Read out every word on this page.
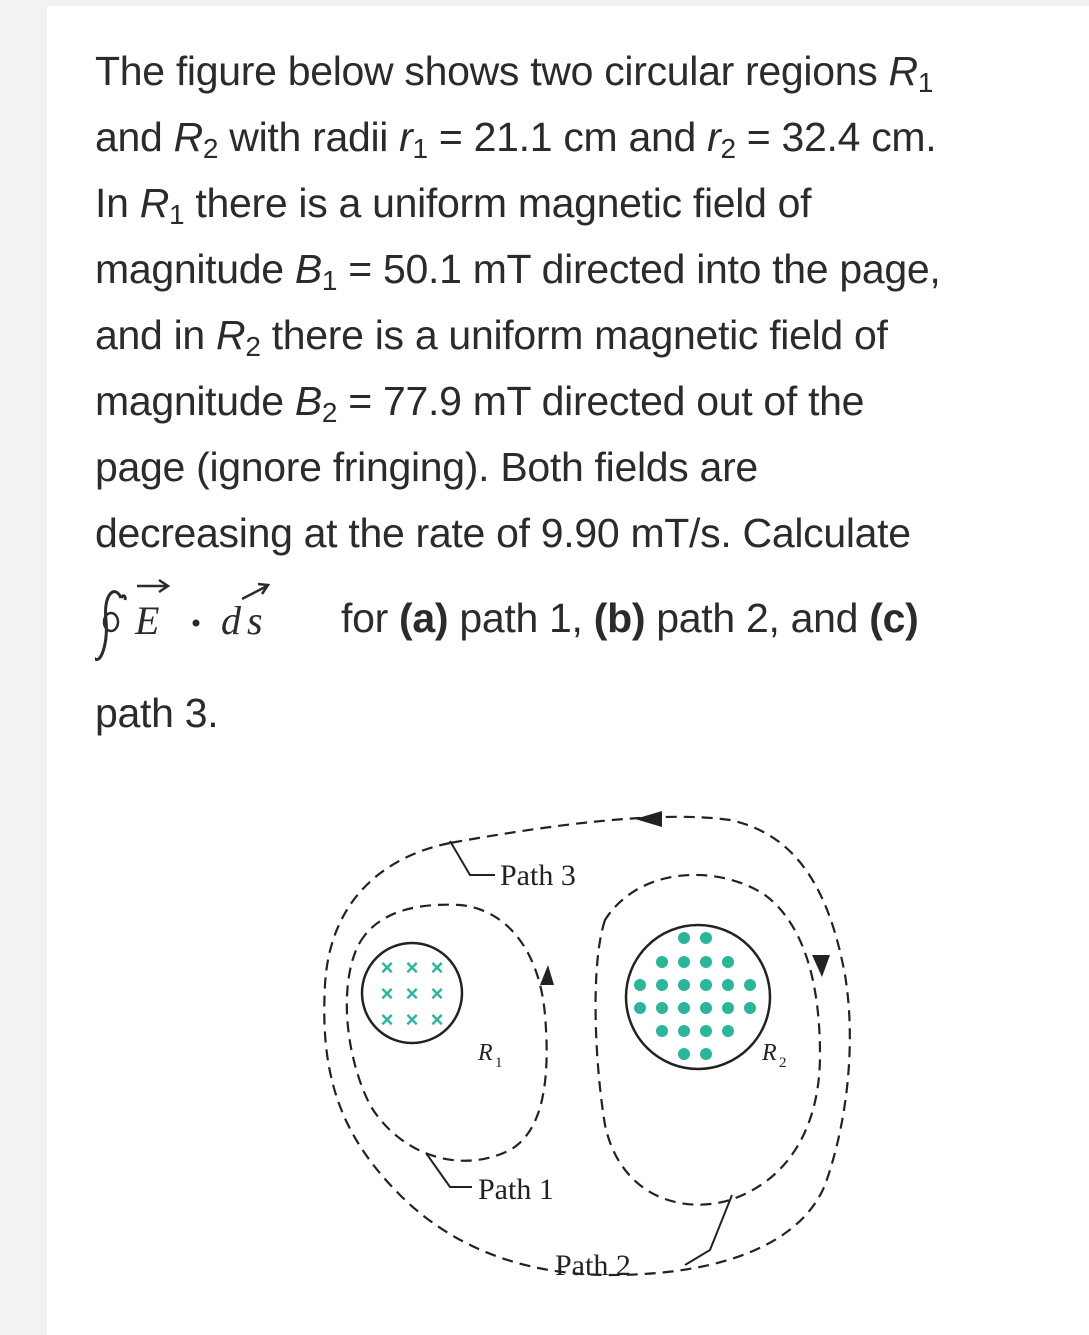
The figure below shows two circular regions $R_1$

and $R_2$ with radii $r_1 = 21.1$ cm and $r_2 = 32.4$ cm.

In $R_1$ there is a uniform magnetic field of

magnitude $B_1 = 50.1$ mT directed into the page,

and in $R_2$ there is a uniform magnetic field of

magnitude $B_2 = 77.9$ mT directed out of the

page (ignore fringing). Both fields are

decreasing at the rate of 9.90 mT/s. Calculate

E d s for (a) path 1, (b) path 2, and (c)

path 3.

× × ×
× × ×
× × ×
R 1	R 2
Path 3
Path 1
Path 2
